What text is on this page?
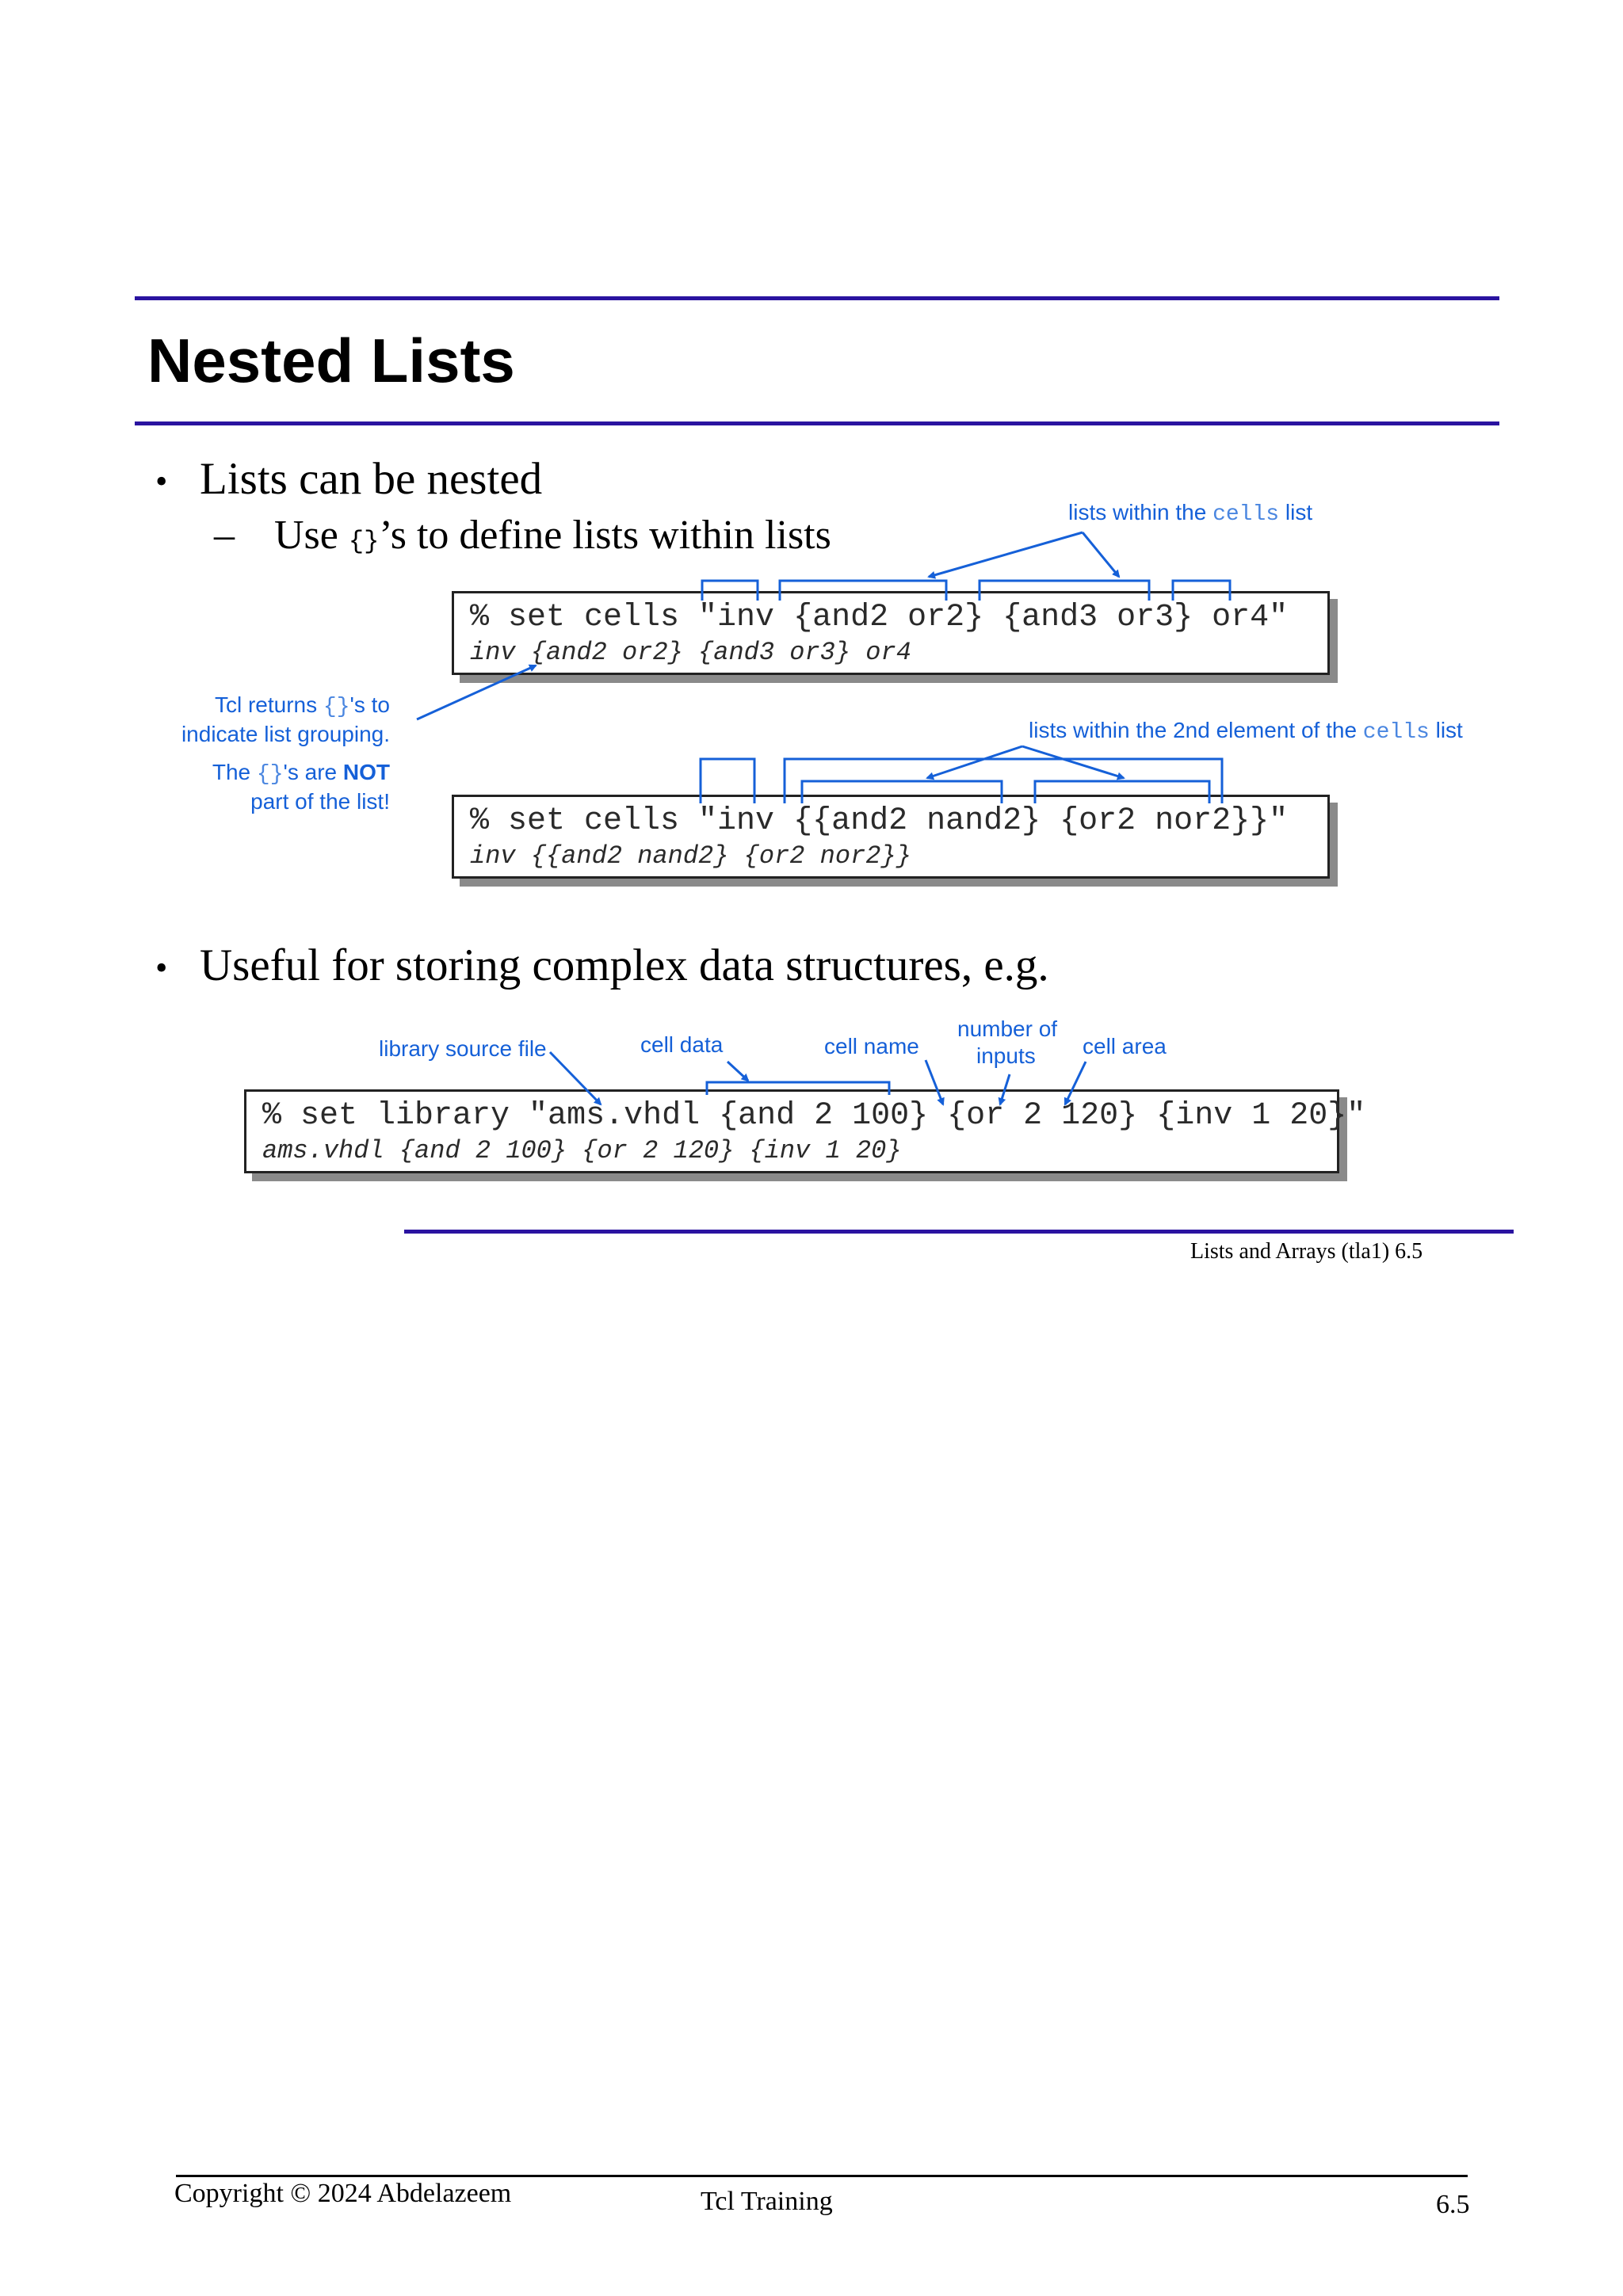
Nested Lists
• Lists can be nested
– Use {}’s to define lists within lists
lists within the cells list
% set cells "inv {and2 or2} {and3 or3} or4"
inv {and2 or2} {and3 or3} or4
Tcl returns {}'s to
indicate list grouping.
The {}'s are NOT
part of the list!
lists within the 2nd element of the cells list
% set cells "inv {{and2 nand2} {or2 nor2}}"
inv {{and2 nand2} {or2 nor2}}
• Useful for storing complex data structures, e.g.
library source file	cell data	cell name
number of
inputs cell area
% set library "ams.vhdl {and 2 100} {or 2 120} {inv 1 20}"
ams.vhdl {and 2 100} {or 2 120} {inv 1 20}
Lists and Arrays (tla1) 6.5
Copyright © 2024 Abdelazeem	Tcl Training	6.5
